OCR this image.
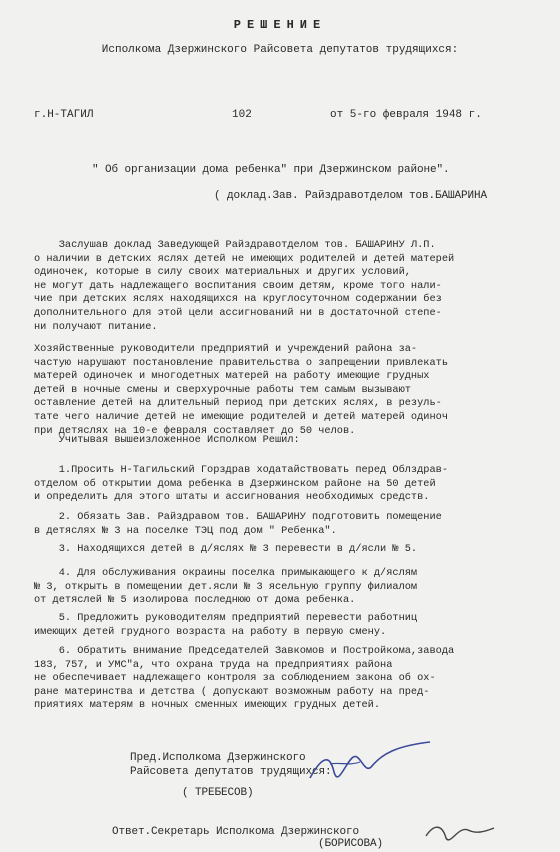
РЕШЕНИЕ
Исполкома Дзержинского Райсовета депутатов трудящихся:
г.Н-ТАГИЛ	102	от 5-го февраля 1948 г.
" Об организации дома ребенка" при Дзержинском районе".
( доклад.Зав. Райздравотделом тов.БАШАРИНА
Заслушав доклад Заведующей Райздравотделом тов. БАШАРИНУ Л.П.
о наличии в детских яслях детей не имеющих родителей и детей матерей
одиночек, которые в силу своих материальных и других условий,
не могут дать надлежащего воспитания своим детям, кроме того нали-
чие при детских яслях находящихся на круглосуточном содержании без
дополнительного для этой цели ассигнований ни в достаточной степе-
ни получают питание.
Хозяйственные руководители предприятий и учреждений района за-
частую нарушают постановление правительства о запрещении привлекать
матерей одиночек и многодетных матерей на работу имеющие грудных
детей в ночные смены и сверхурочные работы тем самым вызывают
оставление детей на длительный период при детских яслях, в резуль-
тате чего наличие детей не имеющие родителей и детей матерей одиноч
при детяслях на 10-е февраля составляет до 50 челов.
Учитывая вышеизложенное Исполком Решил:
1.Просить Н-Тагильский Горздрав ходатайствовать перед Облздрав-
отделом об открытии дома ребенка в Дзержинском районе на 50 детей
и определить для этого штаты и ассигнования необходимых средств.
2. Обязать Зав. Райздравом тов. БАШАРИНУ подготовить помещение
в детяслях № 3 на поселке ТЭЦ под дом " Ребенка".
3. Находящихся детей в д/яслях № 3 перевести в д/ясли № 5.
4. Для обслуживания окраины поселка примыкающего к д/яслям
№ 3, открыть в помещении дет.ясли № 3 ясельную группу филиалом
от детяслей № 5 изолирова последнюю от дома ребенка.
5. Предложить руководителям предприятий перевести работниц
имеющих детей грудного возраста на работу в первую смену.
6. Обратить внимание Председателей Завкомов и Постройкома,завода
183, 757, и УМС"а, что охрана труда на предприятиях района
не обеспечивает надлежащего контроля за соблюдением закона об ох-
ране материнства и детства ( допускают возможным работу на пред-
приятиях матерям в ночных сменных имеющих грудных детей.
Пред.Исполкома Дзержинского
Райсовета депутатов трудящихся:
( ТРЕБЕСОВ)
Ответ.Секретарь Исполкома Дзержинского
(БОРИСОВА)
